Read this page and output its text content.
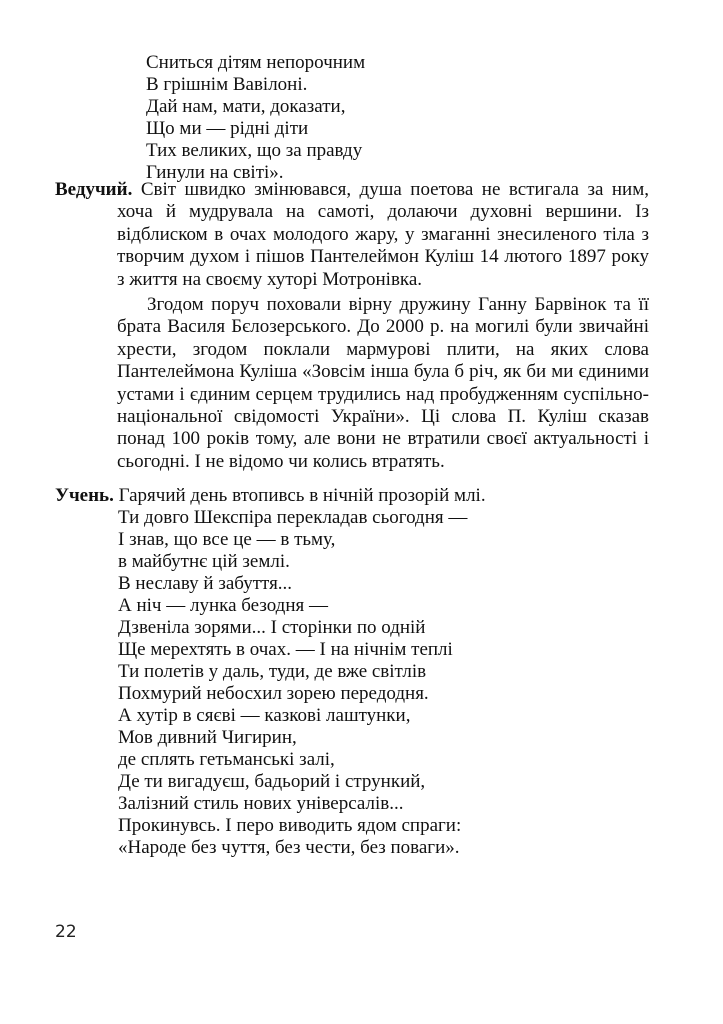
Сниться дітям непорочним
В грішнім Вавілоні.
Дай нам, мати, доказати,
Що ми — рідні діти
Тих великих, що за правду
Гинули на світі».

Ведучий. Світ швидко змінювався, душа поетова не встигала за ним, хоча й мудрувала на самоті, долаючи духовні вершини. Із відблиском в очах молодого жару, у змаганні знесиленого тіла з творчим духом і пішов Пантелеймон Куліш 14 лютого 1897 року з життя на своєму хуторі Мотронівка.

Згодом поруч поховали вірну дружину Ганну Барвінок та її брата Василя Бєлозерського. До 2000 р. на могилі були звичайні хрести, згодом поклали мармурові плити, на яких слова Пантелеймона Куліша «Зовсім інша була б річ, як би ми єдиними устами і єдиним серцем трудились над пробудженням суспільно-національної свідомості України». Ці слова П. Куліш сказав понад 100 років тому, але вони не втратили своєї актуальності і сьогодні. І не відомо чи колись втратять.

Учень. Гарячий день втопивсь в нічній прозорій млі.
Ти довго Шекспіра перекладав сьогодня —
І знав, що все це — в тьму,
в майбутнє цій землі.
В неславу й забуття...
А ніч — лунка безодня —
Дзвеніла зорями... І сторінки по одній
Ще мерехтять в очах. — І на нічнім теплі
Ти полетів у даль, туди, де вже світлів
Похмурий небосхил зорею передодня.
А хутір в сяєві — казкові лаштунки,
Мов дивний Чигирин,
де сплять гетьманські залі,
Де ти вигадуєш, бадьорий і стрункий,
Залізний стиль нових універсалів...
Прокинувсь. І перо виводить ядом спраги:
«Народе без чуття, без чести, без поваги».
22
